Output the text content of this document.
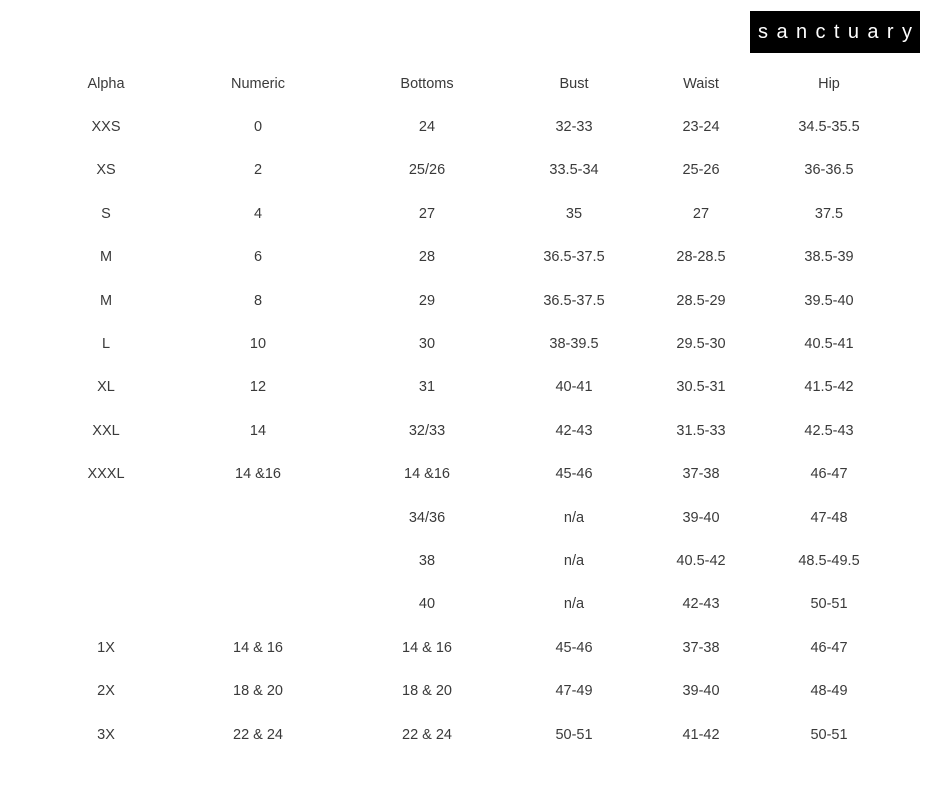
sanctuary
Alpha	Numeric	Bottoms	Bust	Waist	Hip
XXS	0	24	32-33	23-24	34.5-35.5
XS	2	25/26	33.5-34	25-26	36-36.5
S	4	27	35	27	37.5
M	6	28	36.5-37.5	28-28.5	38.5-39
M	8	29	36.5-37.5	28.5-29	39.5-40
L	10	30	38-39.5	29.5-30	40.5-41
XL	12	31	40-41	30.5-31	41.5-42
XXL	14	32/33	42-43	31.5-33	42.5-43
XXXL	14 &16	14 &16	45-46	37-38	46-47
		34/36	n/a	39-40	47-48
		38	n/a	40.5-42	48.5-49.5
		40	n/a	42-43	50-51
1X	14 & 16	14 & 16	45-46	37-38	46-47
2X	18 & 20	18 & 20	47-49	39-40	48-49
3X	22 & 24	22 & 24	50-51	41-42	50-51
